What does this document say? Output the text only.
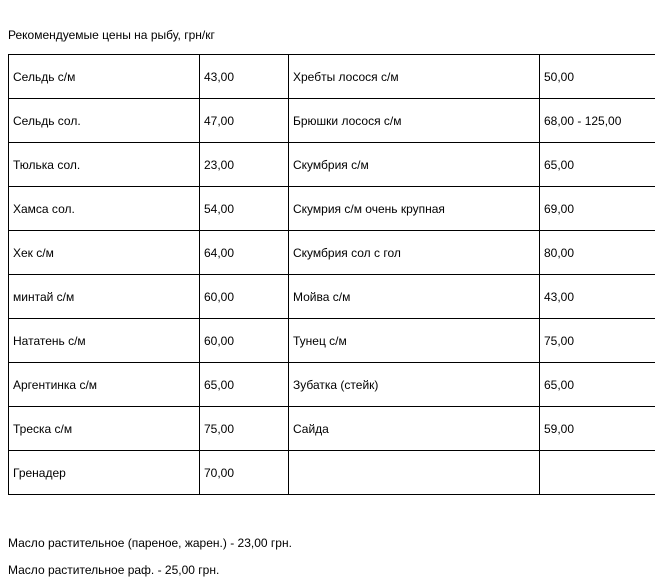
Рекомендуемые цены на рыбу, грн/кг

Сельдь с/м	43,00	Хребты лосося с/м	50,00
Сельдь сол.	47,00	Брюшки лосося с/м	68,00 - 125,00
Тюлька сол.	23,00	Скумбрия с/м	65,00
Хамса сол.	54,00	Скумрия с/м очень крупная	69,00
Хек с/м	64,00	Скумбрия сол с гол	80,00
минтай с/м	60,00	Мойва с/м	43,00
Нататень с/м	60,00	Тунец с/м	75,00
Аргентинка с/м	65,00	Зубатка (стейк)	65,00
Треска с/м	75,00	Сайда	59,00
Гренадер	70,00		

Масло растительное (пареное, жарен.) - 23,00 грн.

Масло растительное раф. - 25,00 грн.
